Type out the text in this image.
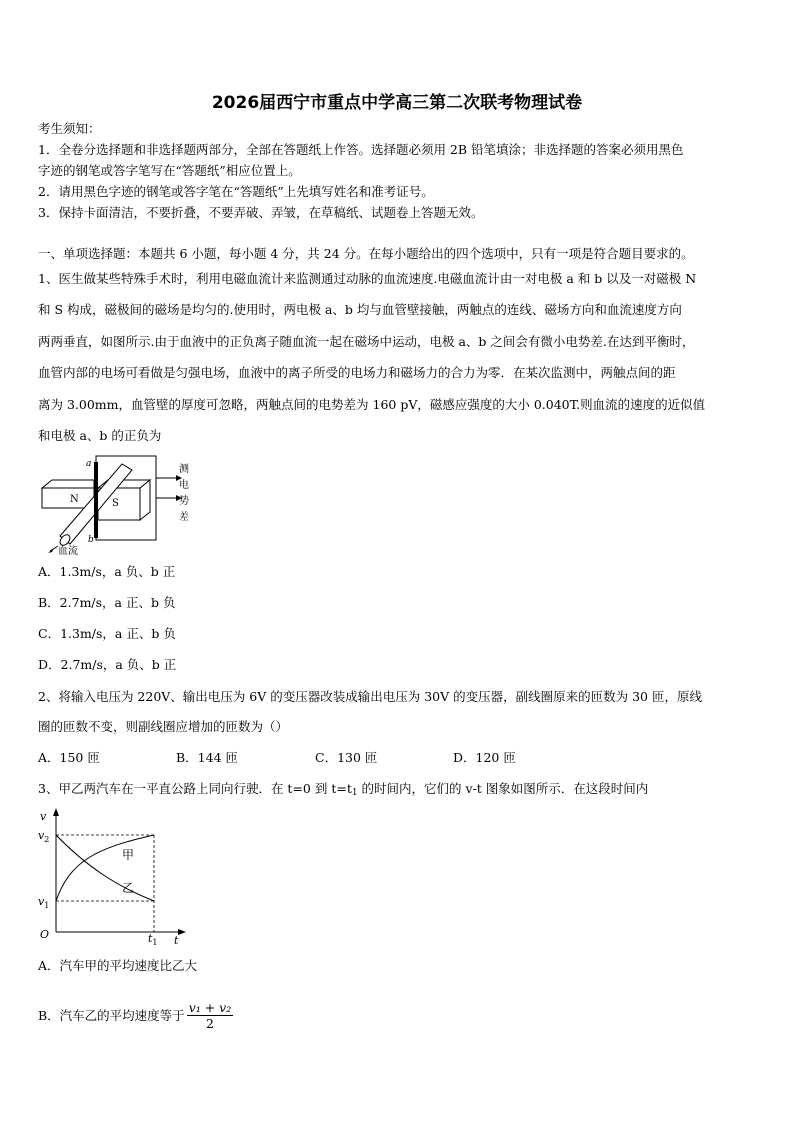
2026届西宁市重点中学高三第二次联考物理试卷
考生须知：
1．全卷分选择题和非选择题两部分，全部在答题纸上作答。选择题必须用 2B 铅笔填涂；非选择题的答案必须用黑色
字迹的钢笔或答字笔写在“答题纸”相应位置上。
2．请用黑色字迹的钢笔或答字笔在“答题纸”上先填写姓名和准考证号。
3．保持卡面清洁，不要折叠，不要弄破、弄皱，在草稿纸、试题卷上答题无效。
一、单项选择题：本题共 6 小题，每小题 4 分，共 24 分。在每小题给出的四个选项中，只有一项是符合题目要求的。
1、医生做某些特殊手术时，利用电磁血流计来监测通过动脉的血流速度.电磁血流计由一对电极 a 和 b 以及一对磁极 N
和 S 构成，磁极间的磁场是均匀的.使用时，两电极 a、b 均与血管壁接触，两触点的连线、磁场方向和血流速度方向
两两垂直，如图所示.由于血液中的正负离子随血流一起在磁场中运动，电极 a、b 之间会有微小电势差.在达到平衡时，
血管内部的电场可看做是匀强电场，血液中的离子所受的电场力和磁场力的合力为零．在某次监测中，两触点间的距
离为 3.00mm，血管壁的厚度可忽略，两触点间的电势差为 160 pV，磁感应强度的大小 0.040T.则血流的速度的近似值
和电极 a、b 的正负为
a
b
N	S
血流
测
电
势
差
A．1.3m/s，a 负、b 正
B．2.7m/s，a 正、b 负
C．1.3m/s，a 正、b 负
D．2.7m/s，a 负、b 正
2、将输入电压为 220V、输出电压为 6V 的变压器改装成输出电压为 30V 的变压器，副线圈原来的匝数为 30 匝，原线
圈的匝数不变，则副线圈应增加的匝数为（）
A．150 匝	B．144 匝	C．130 匝	D．120 匝
3、甲乙两汽车在一平直公路上同向行驶．在 t=0 到 $t=t_1$ 的时间内，它们的 v-t 图象如图所示．在这段时间内
v
t
O
$v_2$
$v_1$
$t_1$
甲
乙
A．汽车甲的平均速度比乙大
B．汽车乙的平均速度等于 $\frac{\text{v₁ + v₂}}{2}$
